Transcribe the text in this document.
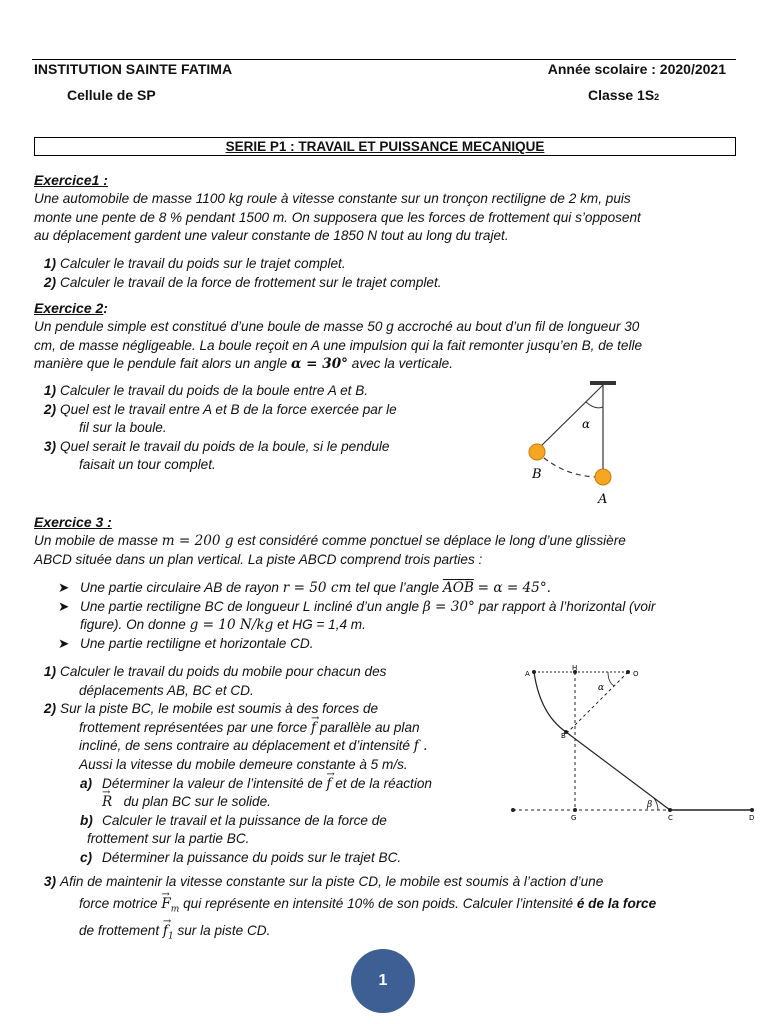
INSTITUTION SAINTE FATIMA	Année scolaire : 2020/2021
Cellule de SP	Classe 1S2
SERIE P1 : TRAVAIL ET PUISSANCE MECANIQUE
Exercice1 :
Une automobile de masse 1100 kg roule à vitesse constante sur un tronçon rectiligne de 2 km, puis
monte une pente de 8 % pendant 1500 m. On supposera que les forces de frottement qui s’opposent
au déplacement gardent une valeur constante de 1850 N tout au long du trajet.
1) Calculer le travail du poids sur le trajet complet.
2) Calculer le travail de la force de frottement sur le trajet complet.
Exercice 2:
Un pendule simple est constitué d’une boule de masse 50 g accroché au bout d’un fil de longueur 30
cm, de masse négligeable. La boule reçoit en A une impulsion qui la fait remonter jusqu’en B, de telle
manière que le pendule fait alors un angle α = 30° avec la verticale.
1) Calculer le travail du poids de la boule entre A et B.
2) Quel est le travail entre A et B de la force exercée par le
fil sur la boule.
3) Quel serait le travail du poids de la boule, si le pendule
faisait un tour complet.
α
B
A
Exercice 3 :
Un mobile de masse m = 200 g est considéré comme ponctuel se déplace le long d’une glissière
ABCD située dans un plan vertical. La piste ABCD comprend trois parties :
➤ Une partie circulaire AB de rayon r = 50 cm tel que l’angle $\overline{AOB} = \alpha = 45^\circ$.
➤ Une partie rectiligne BC de longueur L incliné d’un angle β = 30° par rapport à l’horizontal (voir
figure). On donne g = 10 N/kg et HG = 1,4 m.
➤ Une partie rectiligne et horizontale CD.
1) Calculer le travail du poids du mobile pour chacun des
déplacements AB, BC et CD.
2) Sur la piste BC, le mobile est soumis à des forces de
frottement représentées par une force → f parallèle au plan
incliné, de sens contraire au déplacement et d’intensité f .
Aussi la vitesse du mobile demeure constante à 5 m/s.
a) Déterminer la valeur de l’intensité de → f et de la réaction
→ R du plan BC sur le solide.
b) Calculer le travail et la puissance de la force de
frottement sur la partie BC.
c) Déterminer la puissance du poids sur le trajet BC.
3) Afin de maintenir la vitesse constante sur la piste CD, le mobile est soumis à l’action d’une
force motrice → $F_m$ qui représente en intensité 10% de son poids. Calculer l’intensité é de la force
de frottement → $f_1$ sur la piste CD.
α
β
A
H
O
B
G	C	D
1
